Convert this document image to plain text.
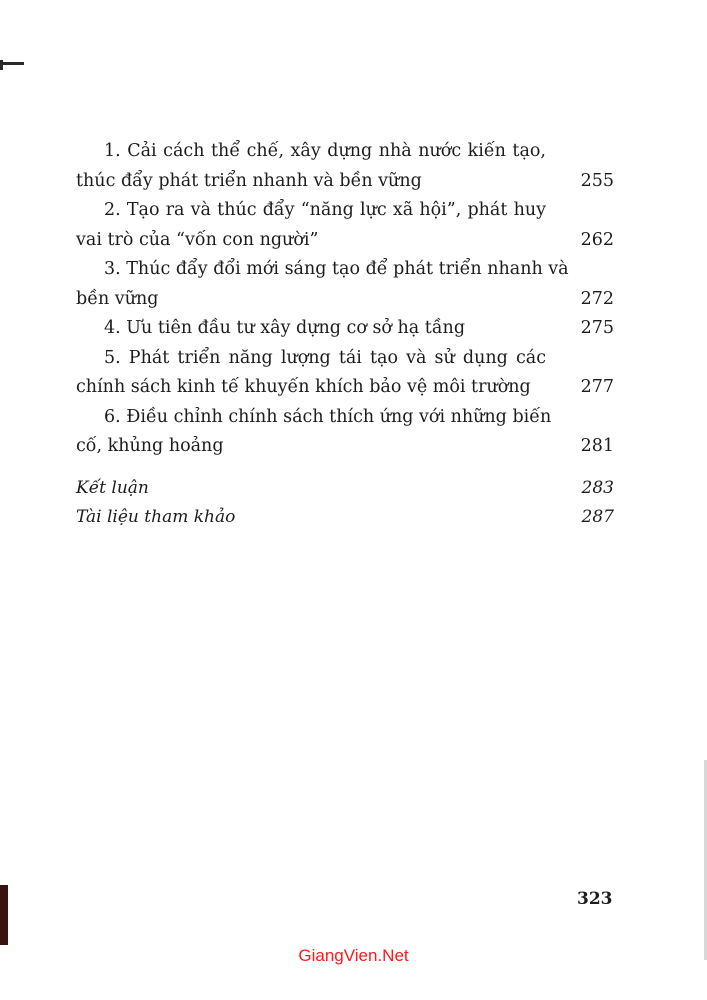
1. Cải cách thể chế, xây dựng nhà nước kiến tạo,
thúc đẩy phát triển nhanh và bền vững	255
2. Tạo ra và thúc đẩy “năng lực xã hội”, phát huy
vai trò của “vốn con người”	262
3. Thúc đẩy đổi mới sáng tạo để phát triển nhanh và
bền vững	272
4. Ưu tiên đầu tư xây dựng cơ sở hạ tầng	275
5. Phát triển năng lượng tái tạo và sử dụng các
chính sách kinh tế khuyến khích bảo vệ môi trường	277
6. Điều chỉnh chính sách thích ứng với những biến
cố, khủng hoảng	281
Kết luận	283
Tài liệu tham khảo	287
323
GiangVien.Net
